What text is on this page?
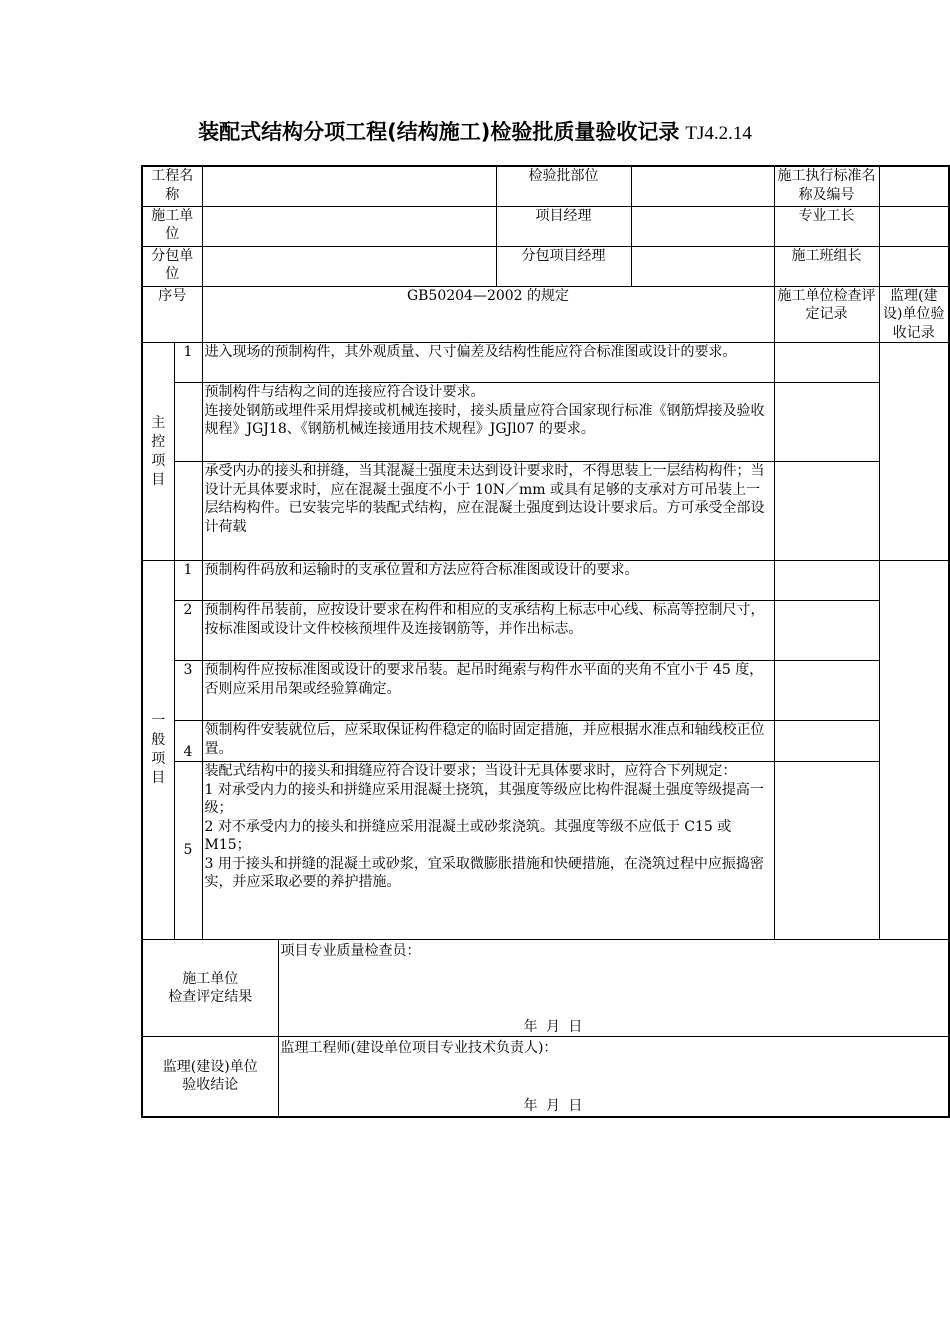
装配式结构分项工程(结构施工)检验批质量验收记录 TJ4.2.14
工程名称				检验批部位		施工执行标准名称及编号	
施工单位				项目经理		专业工长	
分包单位				分包项目经理		施工班组长	
序号		GB50204—2002 的规定				施工单位检查评定记录	监理(建设)单位验收记录

主
控
项
目	1	进入现场的预制构件，其外观质量、尺寸偏差及结构性能应符合标准图或设计的要求。					
		预制构件与结构之间的连接应符合设计要求。
连接处钢筋或埋件采用焊接或机械连接时，接头质量应符合国家现行标准《钢筋焊接及验收规程》JGJ18、《钢筋机械连接通用技术规程》JGJl07 的要求。					
		承受内办的接头和拼缝，当其混凝土强度未达到设计要求时，不得思装上一层结构构件；当设计无具体要求时，应在混凝土强度不小于 10N／mm 或具有足够的支承对方可吊装上一层结构构件。已安装完毕的装配式结构，应在混凝土强度到达设计要求后。方可承受全部设计荷载					

一
般
项
目	1	预制构件码放和运输时的支承位置和方法应符合标准图或设计的要求。					
	2	预制构件吊装前，应按设计要求在构件和相应的支承结构上标志中心线、标高等控制尺寸，按标准图或设计文件校核预埋件及连接钢筋等，并作出标志。					
	3	预制构件应按标准图或设计的要求吊装。起吊时绳索与构件水平面的夹角不宜小于 45 度，否则应采用吊架或经验算确定。					
	4	领制构件安装就位后，应采取保证构件稳定的临时固定措施，并应根据水准点和轴线校正位置。					
	5	装配式结构中的接头和揖缝应符合设计要求；当设计无具体要求时，应符合下列规定：
1 对承受内力的接头和拼缝应采用混凝土挠筑，其强度等级应比构件混凝土强度等级提高一级；
2 对不承受内力的接头和拼缝应采用混凝土或砂浆浇筑。其强度等级不应低于 C15 或 M15；
3 用于接头和拼缝的混凝土或砂浆，宜采取微膨胀措施和快硬措施，在浇筑过程中应振捣密实，并应采取必要的养护措施。					
施工单位
检查评定结果			项目专业质量检查员：
年 月 日				

监理(建设)单位
验收结论			监理工程师(建设单位项目专业技术负责人)：
年 月 日				
